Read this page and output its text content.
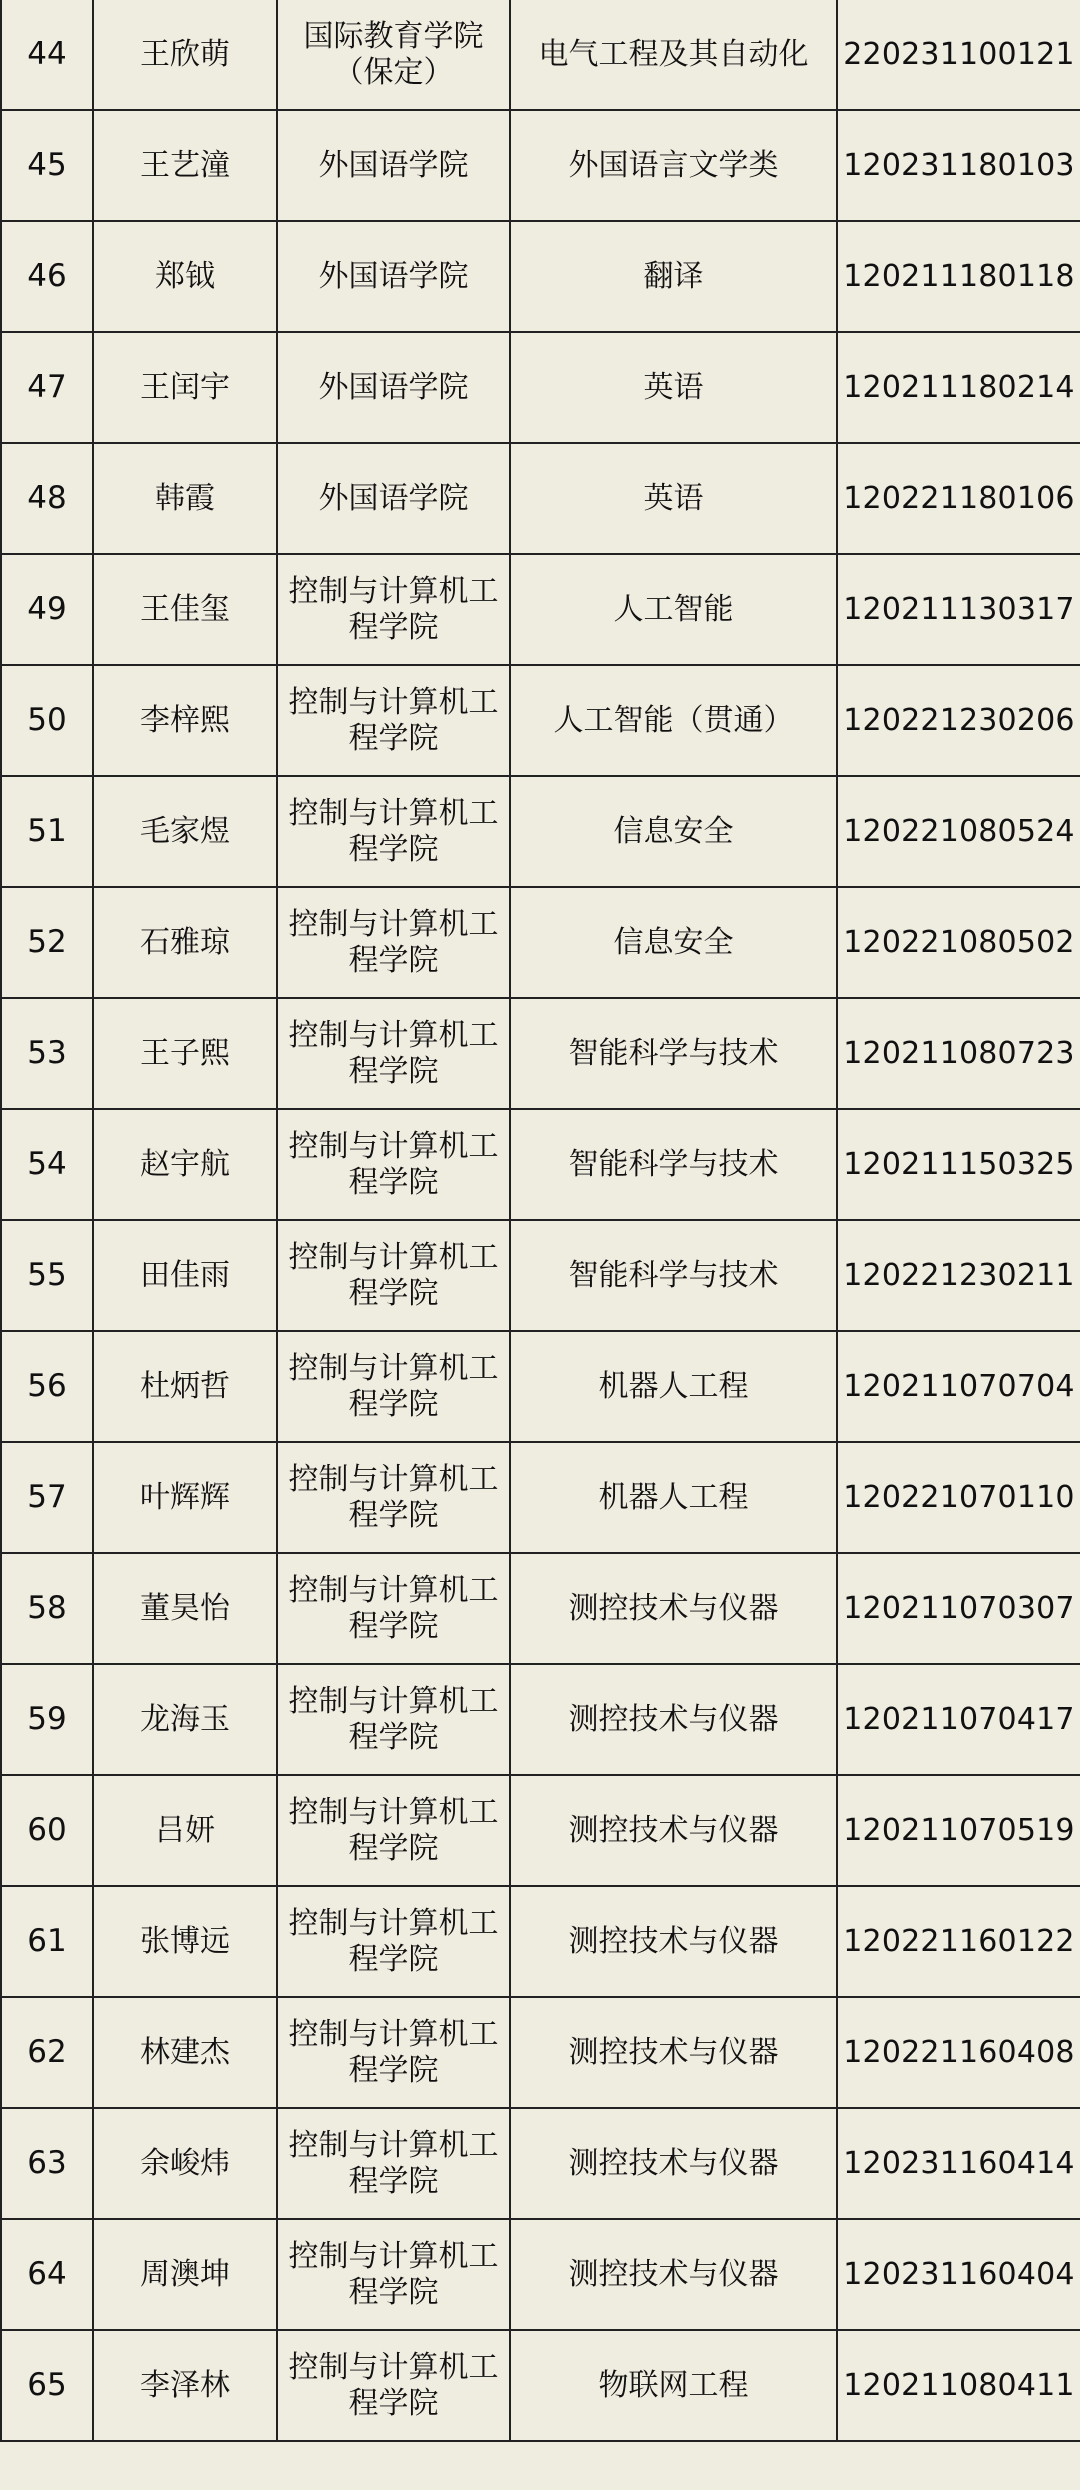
44	王欣萌	国际教育学院（保定）	电气工程及其自动化	220231100121
45	王艺潼	外国语学院	外国语言文学类	120231180103
46	郑钺	外国语学院	翻译	120211180118
47	王闰宇	外国语学院	英语	120211180214
48	韩霞	外国语学院	英语	120221180106
49	王佳玺	控制与计算机工程学院	人工智能	120211130317
50	李梓熙	控制与计算机工程学院	人工智能（贯通）	120221230206
51	毛家煜	控制与计算机工程学院	信息安全	120221080524
52	石雅琼	控制与计算机工程学院	信息安全	120221080502
53	王子熙	控制与计算机工程学院	智能科学与技术	120211080723
54	赵宇航	控制与计算机工程学院	智能科学与技术	120211150325
55	田佳雨	控制与计算机工程学院	智能科学与技术	120221230211
56	杜炳哲	控制与计算机工程学院	机器人工程	120211070704
57	叶辉辉	控制与计算机工程学院	机器人工程	120221070110
58	董昊怡	控制与计算机工程学院	测控技术与仪器	120211070307
59	龙海玉	控制与计算机工程学院	测控技术与仪器	120211070417
60	吕妍	控制与计算机工程学院	测控技术与仪器	120211070519
61	张博远	控制与计算机工程学院	测控技术与仪器	120221160122
62	林建杰	控制与计算机工程学院	测控技术与仪器	120221160408
63	余峻炜	控制与计算机工程学院	测控技术与仪器	120231160414
64	周澳坤	控制与计算机工程学院	测控技术与仪器	120231160404
65	李泽林	控制与计算机工程学院	物联网工程	120211080411
